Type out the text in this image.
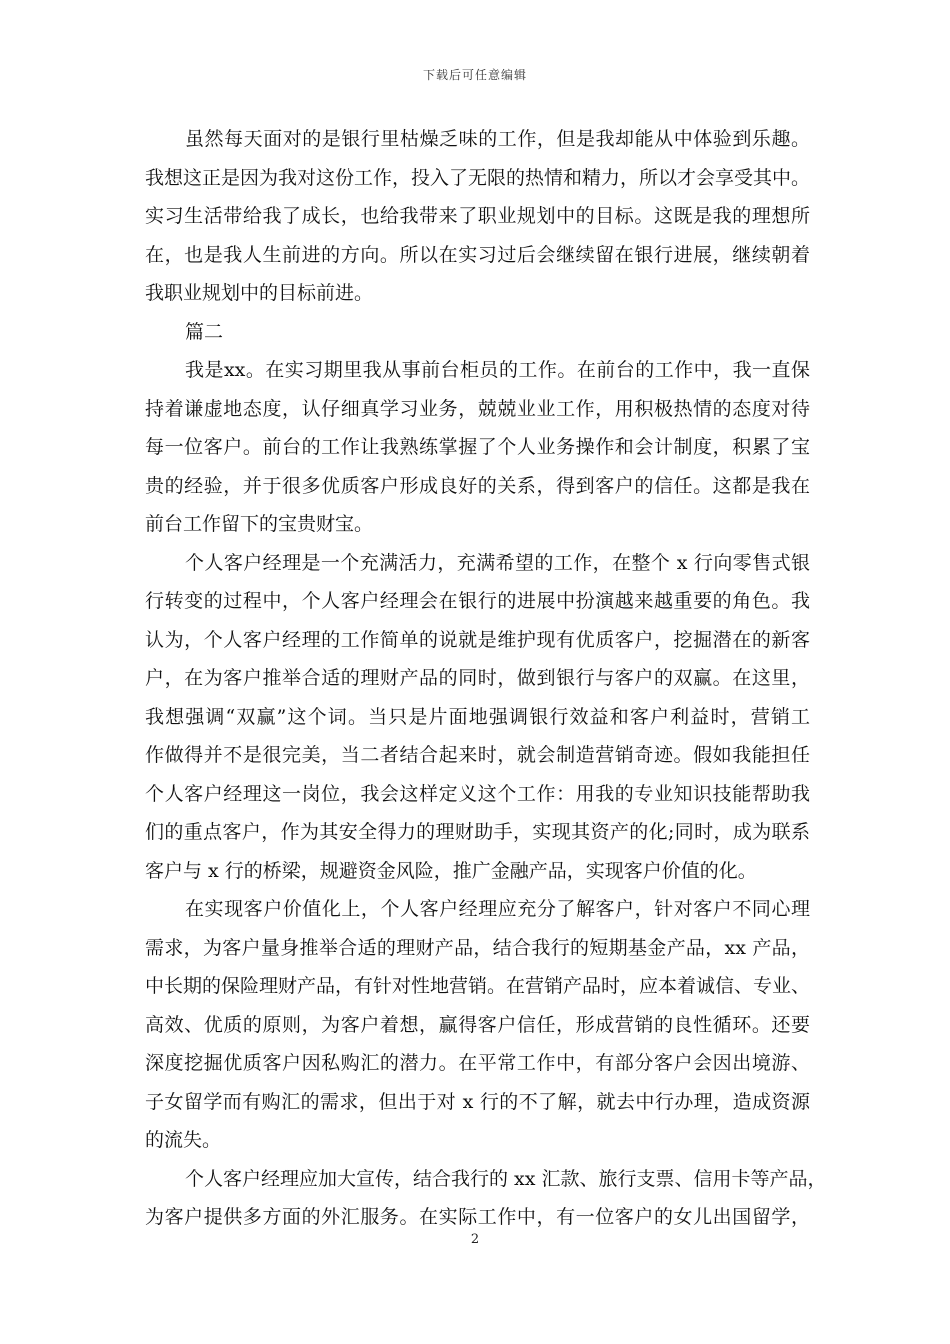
下载后可任意编辑
虽然每天面对的是银行里枯燥乏味的工作，但是我却能从中体验到乐趣。
我想这正是因为我对这份工作，投入了无限的热情和精力，所以才会享受其中。
实习生活带给我了成长，也给我带来了职业规划中的目标。这既是我的理想所
在，也是我人生前进的方向。所以在实习过后会继续留在银行进展，继续朝着
我职业规划中的目标前进。
篇二
我是xx。在实习期里我从事前台柜员的工作。在前台的工作中，我一直保
持着谦虚地态度，认仔细真学习业务，兢兢业业工作，用积极热情的态度对待
每一位客户。前台的工作让我熟练掌握了个人业务操作和会计制度，积累了宝
贵的经验，并于很多优质客户形成良好的关系，得到客户的信任。这都是我在
前台工作留下的宝贵财宝。
个人客户经理是一个充满活力，充满希望的工作，在整个 x 行向零售式银
行转变的过程中，个人客户经理会在银行的进展中扮演越来越重要的角色。我
认为，个人客户经理的工作简单的说就是维护现有优质客户，挖掘潜在的新客
户，在为客户推举合适的理财产品的同时，做到银行与客户的双赢。在这里，
我想强调“双赢”这个词。当只是片面地强调银行效益和客户利益时，营销工
作做得并不是很完美，当二者结合起来时，就会制造营销奇迹。假如我能担任
个人客户经理这一岗位，我会这样定义这个工作：用我的专业知识技能帮助我
们的重点客户，作为其安全得力的理财助手，实现其资产的化;同时，成为联系
客户与 x 行的桥梁，规避资金风险，推广金融产品，实现客户价值的化。
在实现客户价值化上，个人客户经理应充分了解客户，针对客户不同心理
需求，为客户量身推举合适的理财产品，结合我行的短期基金产品，xx 产品，
中长期的保险理财产品，有针对性地营销。在营销产品时，应本着诚信、专业、
高效、优质的原则，为客户着想，赢得客户信任，形成营销的良性循环。还要
深度挖掘优质客户因私购汇的潜力。在平常工作中，有部分客户会因出境游、
子女留学而有购汇的需求，但出于对 x 行的不了解，就去中行办理，造成资源
的流失。
个人客户经理应加大宣传，结合我行的 xx 汇款、旅行支票、信用卡等产品，
为客户提供多方面的外汇服务。在实际工作中，有一位客户的女儿出国留学，
2
